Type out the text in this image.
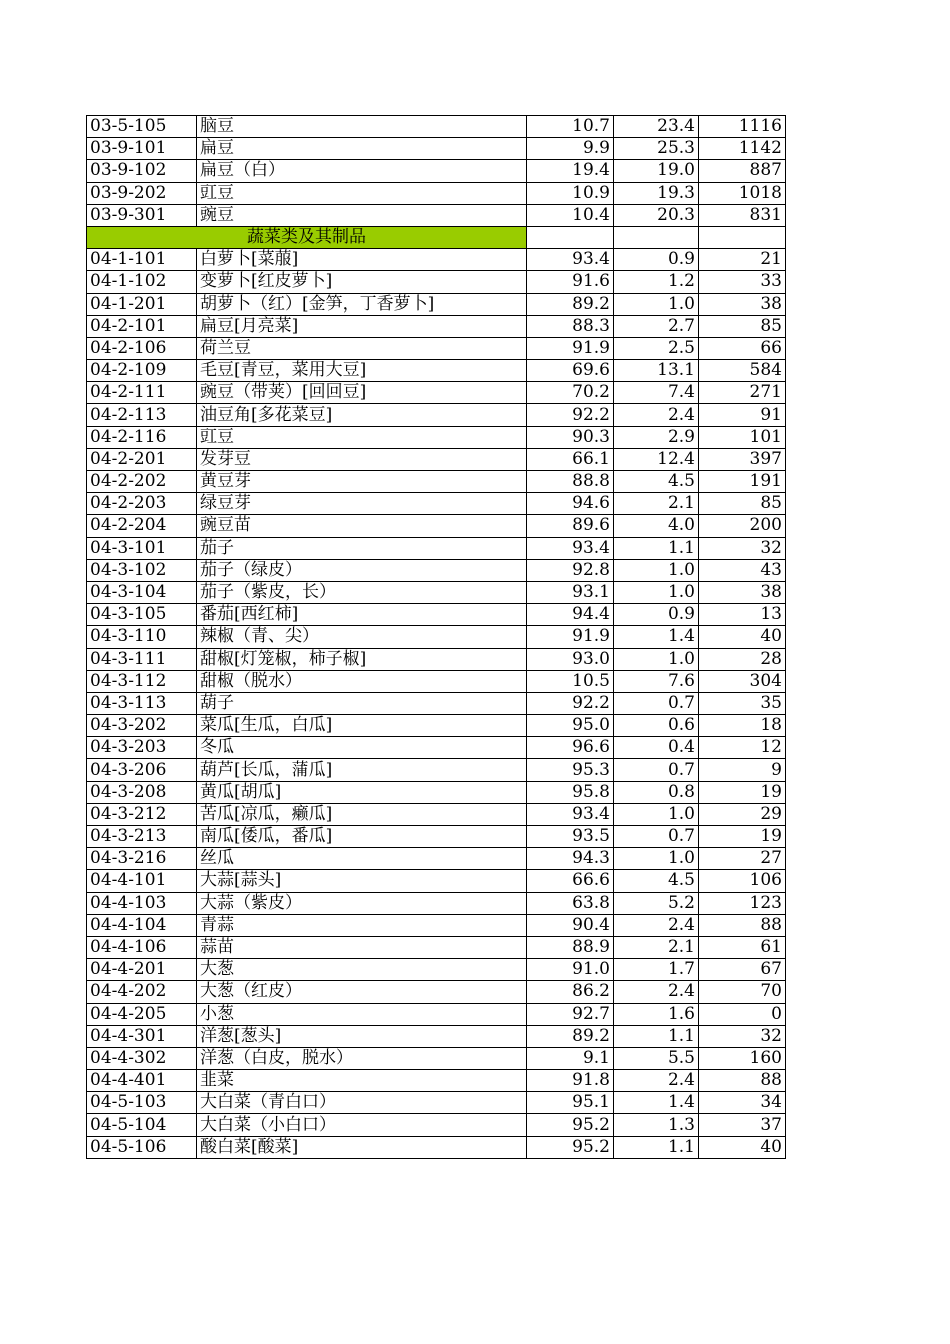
03-5-105	脑豆	10.7	23.4	1116
03-9-101	扁豆	9.9	25.3	1142
03-9-102	扁豆（白）	19.4	19.0	887
03-9-202	豇豆	10.9	19.3	1018
03-9-301	豌豆	10.4	20.3	831
蔬菜类及其制品				
04-1-101	白萝卜[菜菔]	93.4	0.9	21
04-1-102	变萝卜[红皮萝卜]	91.6	1.2	33
04-1-201	胡萝卜（红）[金笋，丁香萝卜]	89.2	1.0	38
04-2-101	扁豆[月亮菜]	88.3	2.7	85
04-2-106	荷兰豆	91.9	2.5	66
04-2-109	毛豆[青豆，菜用大豆]	69.6	13.1	584
04-2-111	豌豆（带荚）[回回豆]	70.2	7.4	271
04-2-113	油豆角[多花菜豆]	92.2	2.4	91
04-2-116	豇豆	90.3	2.9	101
04-2-201	发芽豆	66.1	12.4	397
04-2-202	黄豆芽	88.8	4.5	191
04-2-203	绿豆芽	94.6	2.1	85
04-2-204	豌豆苗	89.6	4.0	200
04-3-101	茄子	93.4	1.1	32
04-3-102	茄子（绿皮）	92.8	1.0	43
04-3-104	茄子（紫皮，长）	93.1	1.0	38
04-3-105	番茄[西红柿]	94.4	0.9	13
04-3-110	辣椒（青、尖）	91.9	1.4	40
04-3-111	甜椒[灯笼椒，柿子椒]	93.0	1.0	28
04-3-112	甜椒（脱水）	10.5	7.6	304
04-3-113	葫子	92.2	0.7	35
04-3-202	菜瓜[生瓜，白瓜]	95.0	0.6	18
04-3-203	冬瓜	96.6	0.4	12
04-3-206	葫芦[长瓜，蒲瓜]	95.3	0.7	9
04-3-208	黄瓜[胡瓜]	95.8	0.8	19
04-3-212	苦瓜[凉瓜，癞瓜]	93.4	1.0	29
04-3-213	南瓜[倭瓜，番瓜]	93.5	0.7	19
04-3-216	丝瓜	94.3	1.0	27
04-4-101	大蒜[蒜头]	66.6	4.5	106
04-4-103	大蒜（紫皮）	63.8	5.2	123
04-4-104	青蒜	90.4	2.4	88
04-4-106	蒜苗	88.9	2.1	61
04-4-201	大葱	91.0	1.7	67
04-4-202	大葱（红皮）	86.2	2.4	70
04-4-205	小葱	92.7	1.6	0
04-4-301	洋葱[葱头]	89.2	1.1	32
04-4-302	洋葱（白皮，脱水）	9.1	5.5	160
04-4-401	韭菜	91.8	2.4	88
04-5-103	大白菜（青白口）	95.1	1.4	34
04-5-104	大白菜（小白口）	95.2	1.3	37
04-5-106	酸白菜[酸菜]	95.2	1.1	40
